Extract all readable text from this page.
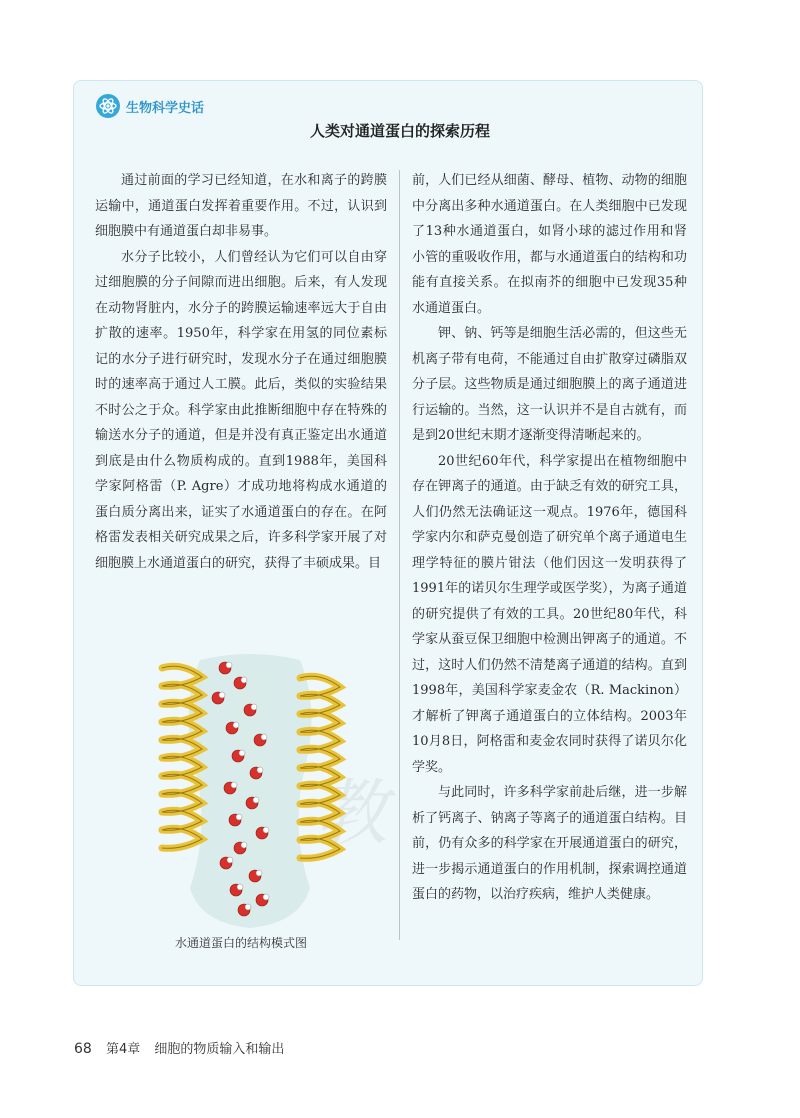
生物科学史话
人类对通道蛋白的探索历程

通过前面的学习已经知道，在水和离子的跨膜运输中，通道蛋白发挥着重要作用。不过，认识到细胞膜中有通道蛋白却非易事。

水分子比较小，人们曾经认为它们可以自由穿过细胞膜的分子间隙而进出细胞。后来，有人发现在动物肾脏内，水分子的跨膜运输速率远大于自由扩散的速率。1950年，科学家在用氢的同位素标记的水分子进行研究时，发现水分子在通过细胞膜时的速率高于通过人工膜。此后，类似的实验结果不时公之于众。科学家由此推断细胞中存在特殊的输送水分子的通道，但是并没有真正鉴定出水通道到底是由什么物质构成的。直到1988年，美国科学家阿格雷（P. Agre）才成功地将构成水通道的蛋白质分离出来，证实了水通道蛋白的存在。在阿格雷发表相关研究成果之后，许多科学家开展了对细胞膜上水通道蛋白的研究，获得了丰硕成果。目

前，人们已经从细菌、酵母、植物、动物的细胞中分离出多种水通道蛋白。在人类细胞中已发现了13种水通道蛋白，如肾小球的滤过作用和肾小管的重吸收作用，都与水通道蛋白的结构和功能有直接关系。在拟南芥的细胞中已发现35种水通道蛋白。

钾、钠、钙等是细胞生活必需的，但这些无机离子带有电荷，不能通过自由扩散穿过磷脂双分子层。这些物质是通过细胞膜上的离子通道进行运输的。当然，这一认识并不是自古就有，而是到20世纪末期才逐渐变得清晰起来的。

20世纪60年代，科学家提出在植物细胞中存在钾离子的通道。由于缺乏有效的研究工具，人们仍然无法确证这一观点。1976年，德国科学家内尔和萨克曼创造了研究单个离子通道电生理学特征的膜片钳法（他们因这一发明获得了1991年的诺贝尔生理学或医学奖），为离子通道的研究提供了有效的工具。20世纪80年代，科学家从蚕豆保卫细胞中检测出钾离子的通道。不过，这时人们仍然不清楚离子通道的结构。直到1998年，美国科学家麦金农（R. Mackinon）才解析了钾离子通道蛋白的立体结构。2003年10月8日，阿格雷和麦金农同时获得了诺贝尔化学奖。

与此同时，许多科学家前赴后继，进一步解析了钙离子、钠离子等离子的通道蛋白结构。目前，仍有众多的科学家在开展通道蛋白的研究，进一步揭示通道蛋白的作用机制，探索调控通道蛋白的药物，以治疗疾病，维护人类健康。

教
水通道蛋白的结构模式图
68 第4章 细胞的物质输入和输出
